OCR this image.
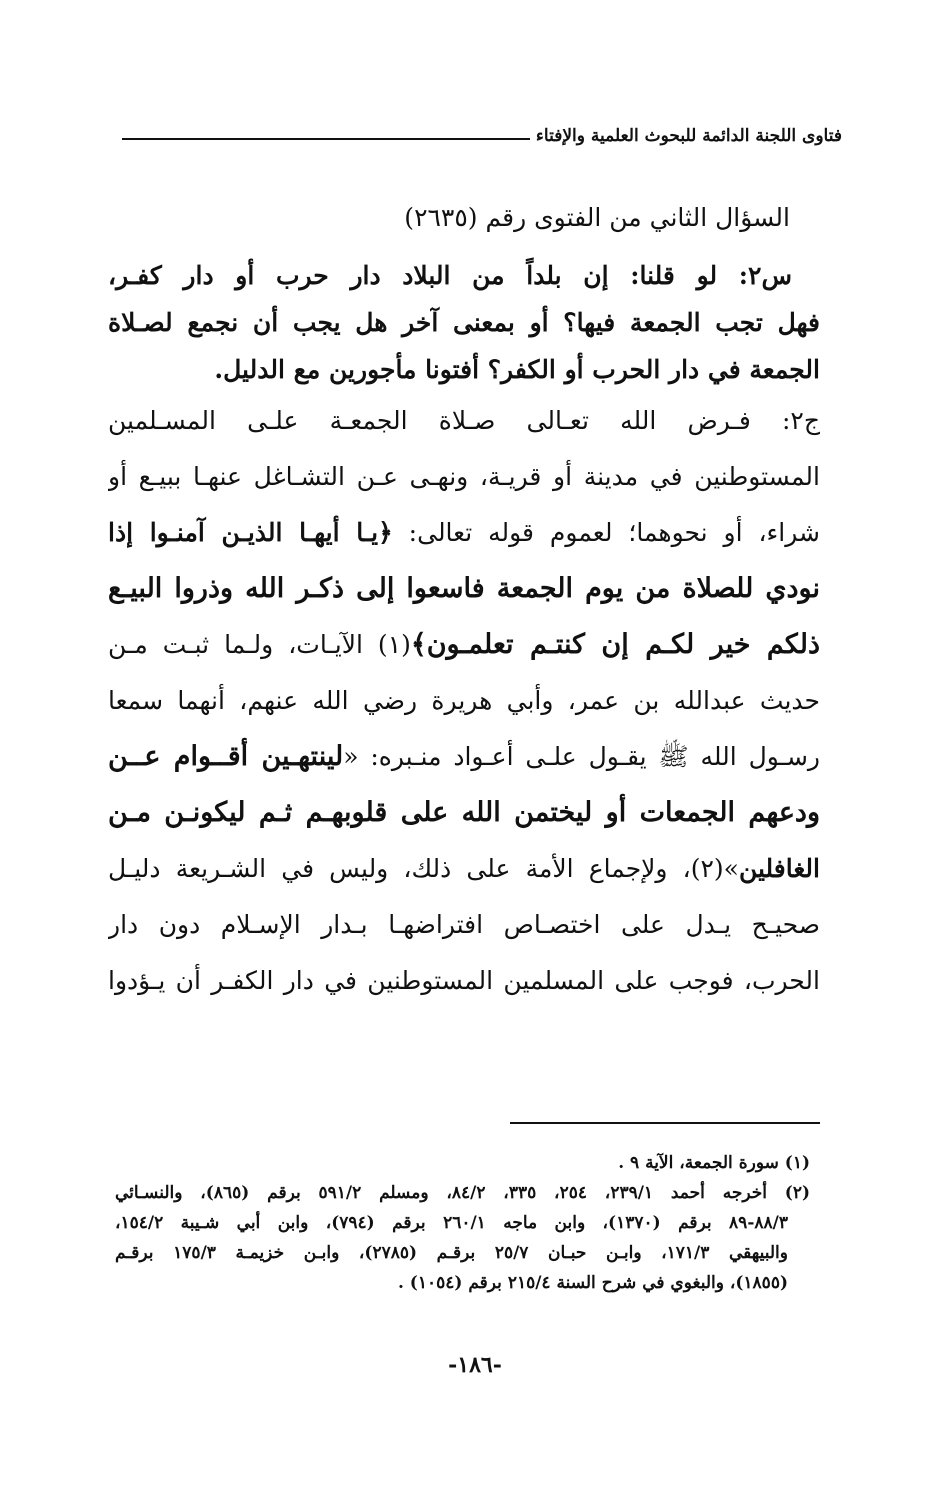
فتاوى اللجنة الدائمة للبحوث العلمية والإفتاء
السؤال الثاني من الفتوى رقم (٢٦٣٥)
س٢: لو قلنا: إن بلداً من البلاد دار حرب أو دار كفـر،
فهل تجب الجمعة فيها؟ أو بمعنى آخر هل يجب أن نجمع لصـلاة
الجمعة في دار الحرب أو الكفر؟ أفتونا مأجورين مع الدليل.
ج٢: فـرض الله تعـالى صـلاة الجمعـة علـى المسـلمين
المستوطنين في مدينة أو قريـة، ونهـى عـن التشـاغل عنهـا ببيـع أو
شراء، أو نحوهما؛ لعموم قوله تعالى: ﴿يـا أيهـا الذيـن آمنـوا إذا
نودي للصلاة من يوم الجمعة فاسعوا إلى ذكـر الله وذروا البيـع
ذلكم خير لكـم إن كنتـم تعلمـون﴾(١) الآيـات، ولـما ثبـت مـن
حديث عبدالله بن عمر، وأبي هريرة رضي الله عنهم، أنهما سمعا
رسـول الله ﷺ يقـول علـى أعـواد منـبره: «لينتهـين أقــوام عــن
ودعهم الجمعات أو ليختمن الله على قلوبهـم ثـم ليكونـن مـن
الغافلين»(٢)، ولإجماع الأمة على ذلك، وليس في الشـريعة دليـل
صحيـح يـدل على اختصـاص افتراضهـا بـدار الإسـلام دون دار
الحرب، فوجب على المسلمين المستوطنين في دار الكفـر أن يـؤدوا
(١) سورة الجمعة، الآية ٩ .
(٢) أخرجه أحمد ٢٣٩/١، ٢٥٤، ٣٣٥، ٨٤/٢، ومسلم ٥٩١/٢ برقم (٨٦٥)، والنسـائي
٨٨/٣-٨٩ برقم (١٣٧٠)، وابن ماجه ٢٦٠/١ برقم (٧٩٤)، وابن أبي شـيبة ١٥٤/٢،
والبيهقي ١٧١/٣، وابـن حبـان ٢٥/٧ برقـم (٢٧٨٥)، وابـن خزيمـة ١٧٥/٣ برقـم
(١٨٥٥)، والبغوي في شرح السنة ٢١٥/٤ برقم (١٠٥٤) .
-١٨٦-
